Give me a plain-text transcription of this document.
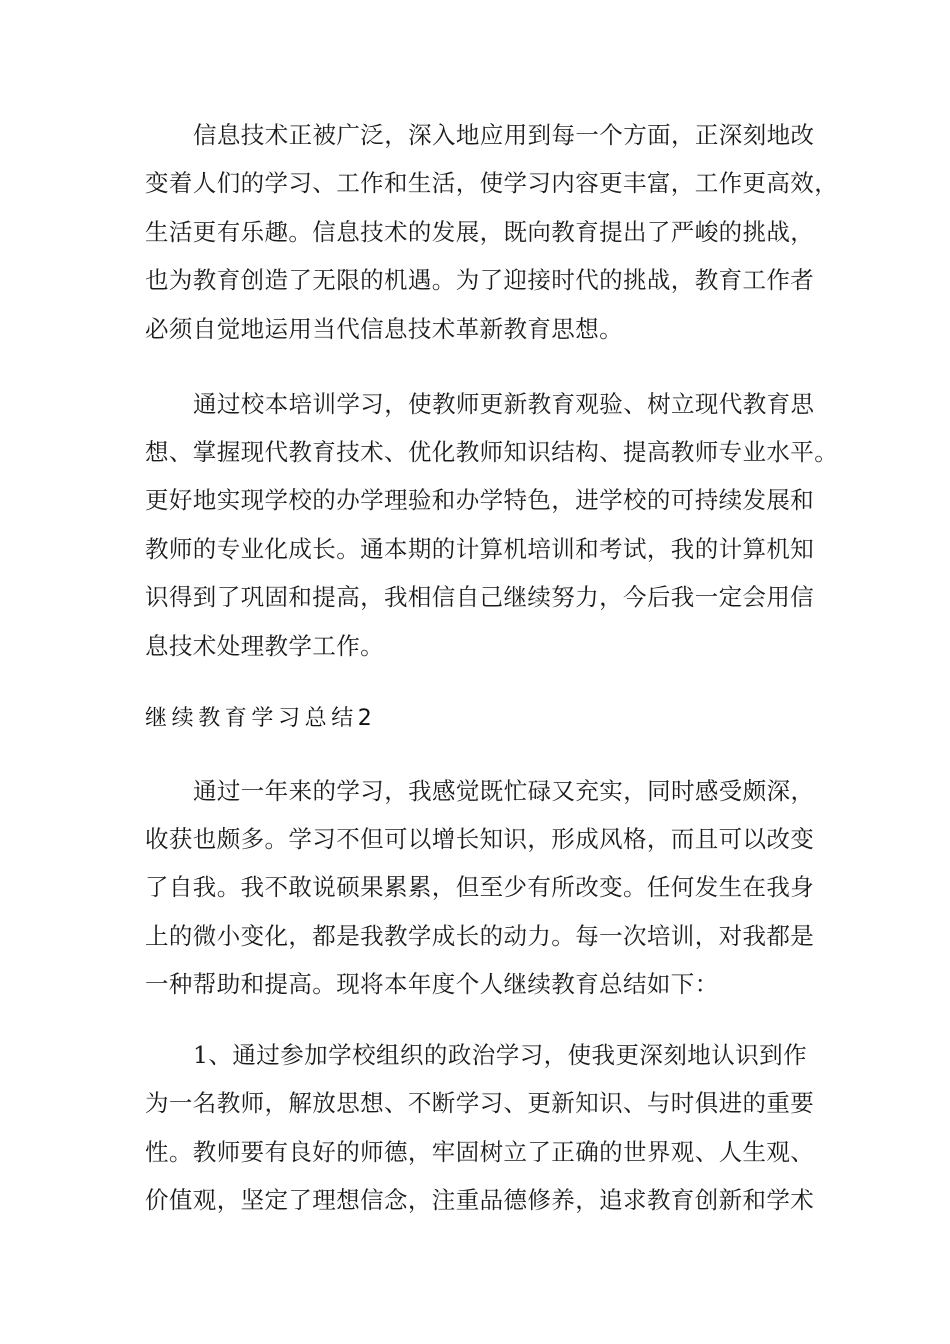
信息技术正被广泛，深入地应用到每一个方面，正深刻地改
变着人们的学习、工作和生活，使学习内容更丰富，工作更高效，
生活更有乐趣。信息技术的发展，既向教育提出了严峻的挑战，
也为教育创造了无限的机遇。为了迎接时代的挑战，教育工作者
必须自觉地运用当代信息技术革新教育思想。
通过校本培训学习，使教师更新教育观验、树立现代教育思
想、掌握现代教育技术、优化教师知识结构、提高教师专业水平。
更好地实现学校的办学理验和办学特色，进学校的可持续发展和
教师的专业化成长。通本期的计算机培训和考试，我的计算机知
识得到了巩固和提高，我相信自己继续努力，今后我一定会用信
息技术处理教学工作。
继续教育学习总结2
通过一年来的学习，我感觉既忙碌又充实，同时感受颇深，
收获也颇多。学习不但可以增长知识，形成风格，而且可以改变
了自我。我不敢说硕果累累，但至少有所改变。任何发生在我身
上的微小变化，都是我教学成长的动力。每一次培训，对我都是
一种帮助和提高。现将本年度个人继续教育总结如下：
1、通过参加学校组织的政治学习，使我更深刻地认识到作
为一名教师，解放思想、不断学习、更新知识、与时俱进的重要
性。教师要有良好的师德，牢固树立了正确的世界观、人生观、
价值观，坚定了理想信念，注重品德修养，追求教育创新和学术
